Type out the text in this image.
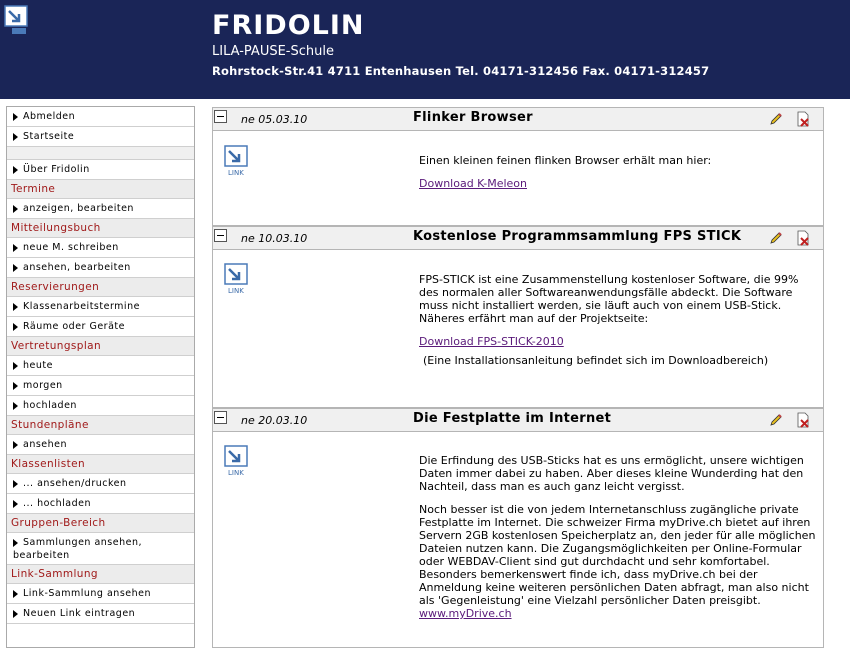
FRIDOLIN
LILA-PAUSE-Schule
Rohrstock-Str.41 4711 Entenhausen Tel. 04171-312456 Fax. 04171-312457
Abmelden
Startseite
Über Fridolin
Termine
anzeigen, bearbeiten
Mitteilungsbuch
neue M. schreiben
ansehen, bearbeiten
Reservierungen
Klassenarbeitstermine
Räume oder Geräte
Vertretungsplan
heute
morgen
hochladen
Stundenpläne
ansehen
Klassenlisten
... ansehen/drucken
... hochladen
Gruppen-Bereich
Sammlungen ansehen, bearbeiten
Link-Sammlung
Link-Sammlung ansehen
Neuen Link eintragen
ne 05.03.10	Flinker Browser
LINK

Einen kleinen feinen flinken Browser erhält man hier:

Download K-Meleon
ne 10.03.10	Kostenlose Programmsammlung FPS STICK
LINK

FPS-STICK ist eine Zusammenstellung kostenloser Software, die 99% des normalen aller Softwareanwendungsfälle abdeckt. Die Software muss nicht installiert werden, sie läuft auch von einem USB-Stick. Näheres erfährt man auf der Projektseite:

Download FPS-STICK-2010

(Eine Installationsanleitung befindet sich im Downloadbereich)

ne 20.03.10	Die Festplatte im Internet
LINK

Die Erfindung des USB-Sticks hat es uns ermöglicht, unsere wichtigen Daten immer dabei zu haben. Aber dieses kleine Wunderding hat den Nachteil, dass man es auch ganz leicht vergisst.

Noch besser ist die von jedem Internetanschluss zugängliche private Festplatte im Internet. Die schweizer Firma myDrive.ch bietet auf ihren Servern 2GB kostenlosen Speicherplatz an, den jeder für alle möglichen Dateien nutzen kann. Die Zugangsmöglichkeiten per Online-Formular oder WEBDAV-Client sind gut durchdacht und sehr komfortabel. Besonders bemerkenswert finde ich, dass myDrive.ch bei der Anmeldung keine weiteren persönlichen Daten abfragt, man also nicht als 'Gegenleistung' eine Vielzahl persönlicher Daten preisgibt. www.myDrive.ch
